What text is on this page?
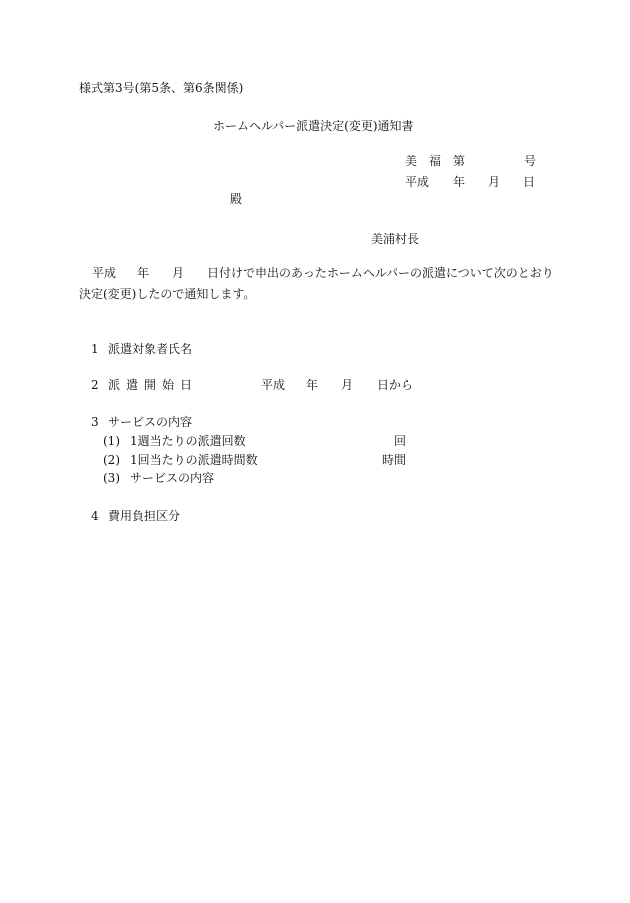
様式第3号(第5条、第6条関係)
ホームヘルパー派遣決定(変更)通知書
美　福　第	号
平成 年 月 日
殿
美浦村長
平成 年 月 日付けで申出のあったホームヘルパーの派遣について次のとおり
決定(変更)したので通知します。
1 派遣対象者氏名
2 派遣開始日	平成 年 月 日から
3 サービスの内容
(1) 1週当たりの派遣回数	回
(2) 1回当たりの派遣時間数	時間
(3) サービスの内容
4 費用負担区分
